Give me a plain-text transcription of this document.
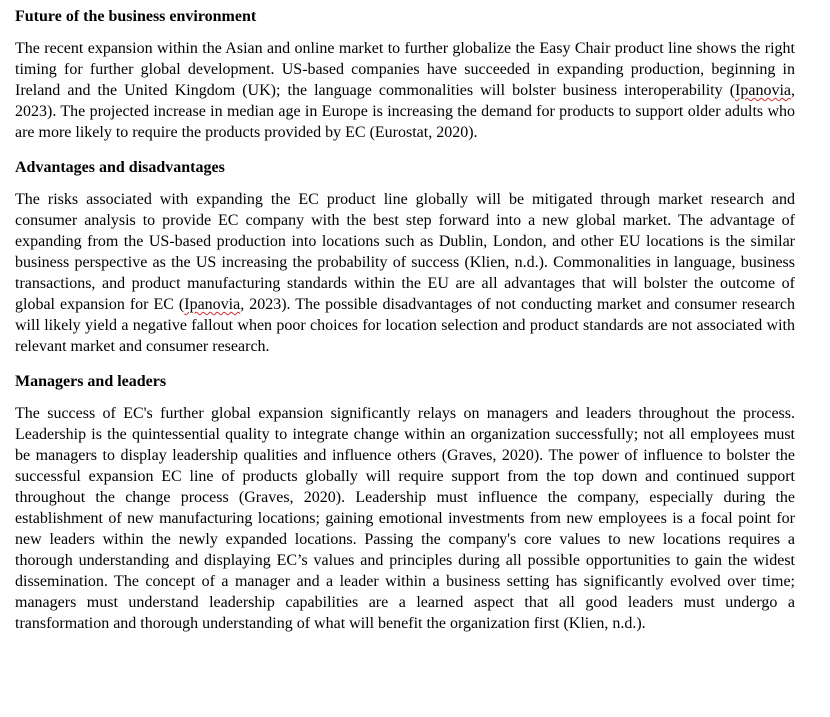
Future of the business environment

The recent expansion within the Asian and online market to further globalize the Easy Chair product line shows the right timing for further global development. US-based companies have succeeded in expanding production, beginning in Ireland and the United Kingdom (UK); the language commonalities will bolster business interoperability (Ipanovia, 2023). The projected increase in median age in Europe is increasing the demand for products to support older adults who are more likely to require the products provided by EC (Eurostat, 2020).

Advantages and disadvantages

The risks associated with expanding the EC product line globally will be mitigated through market research and consumer analysis to provide EC company with the best step forward into a new global market. The advantage of expanding from the US-based production into locations such as Dublin, London, and other EU locations is the similar business perspective as the US increasing the probability of success (Klien, n.d.). Commonalities in language, business transactions, and product manufacturing standards within the EU are all advantages that will bolster the outcome of global expansion for EC (Ipanovia, 2023). The possible disadvantages of not conducting market and consumer research will likely yield a negative fallout when poor choices for location selection and product standards are not associated with relevant market and consumer research.

Managers and leaders

The success of EC's further global expansion significantly relays on managers and leaders throughout the process. Leadership is the quintessential quality to integrate change within an organization successfully; not all employees must be managers to display leadership qualities and influence others (Graves, 2020). The power of influence to bolster the successful expansion EC line of products globally will require support from the top down and continued support throughout the change process (Graves, 2020). Leadership must influence the company, especially during the establishment of new manufacturing locations; gaining emotional investments from new employees is a focal point for new leaders within the newly expanded locations. Passing the company's core values to new locations requires a thorough understanding and displaying EC’s values and principles during all possible opportunities to gain the widest dissemination. The concept of a manager and a leader within a business setting has significantly evolved over time; managers must understand leadership capabilities are a learned aspect that all good leaders must undergo a transformation and thorough understanding of what will benefit the organization first (Klien, n.d.).
